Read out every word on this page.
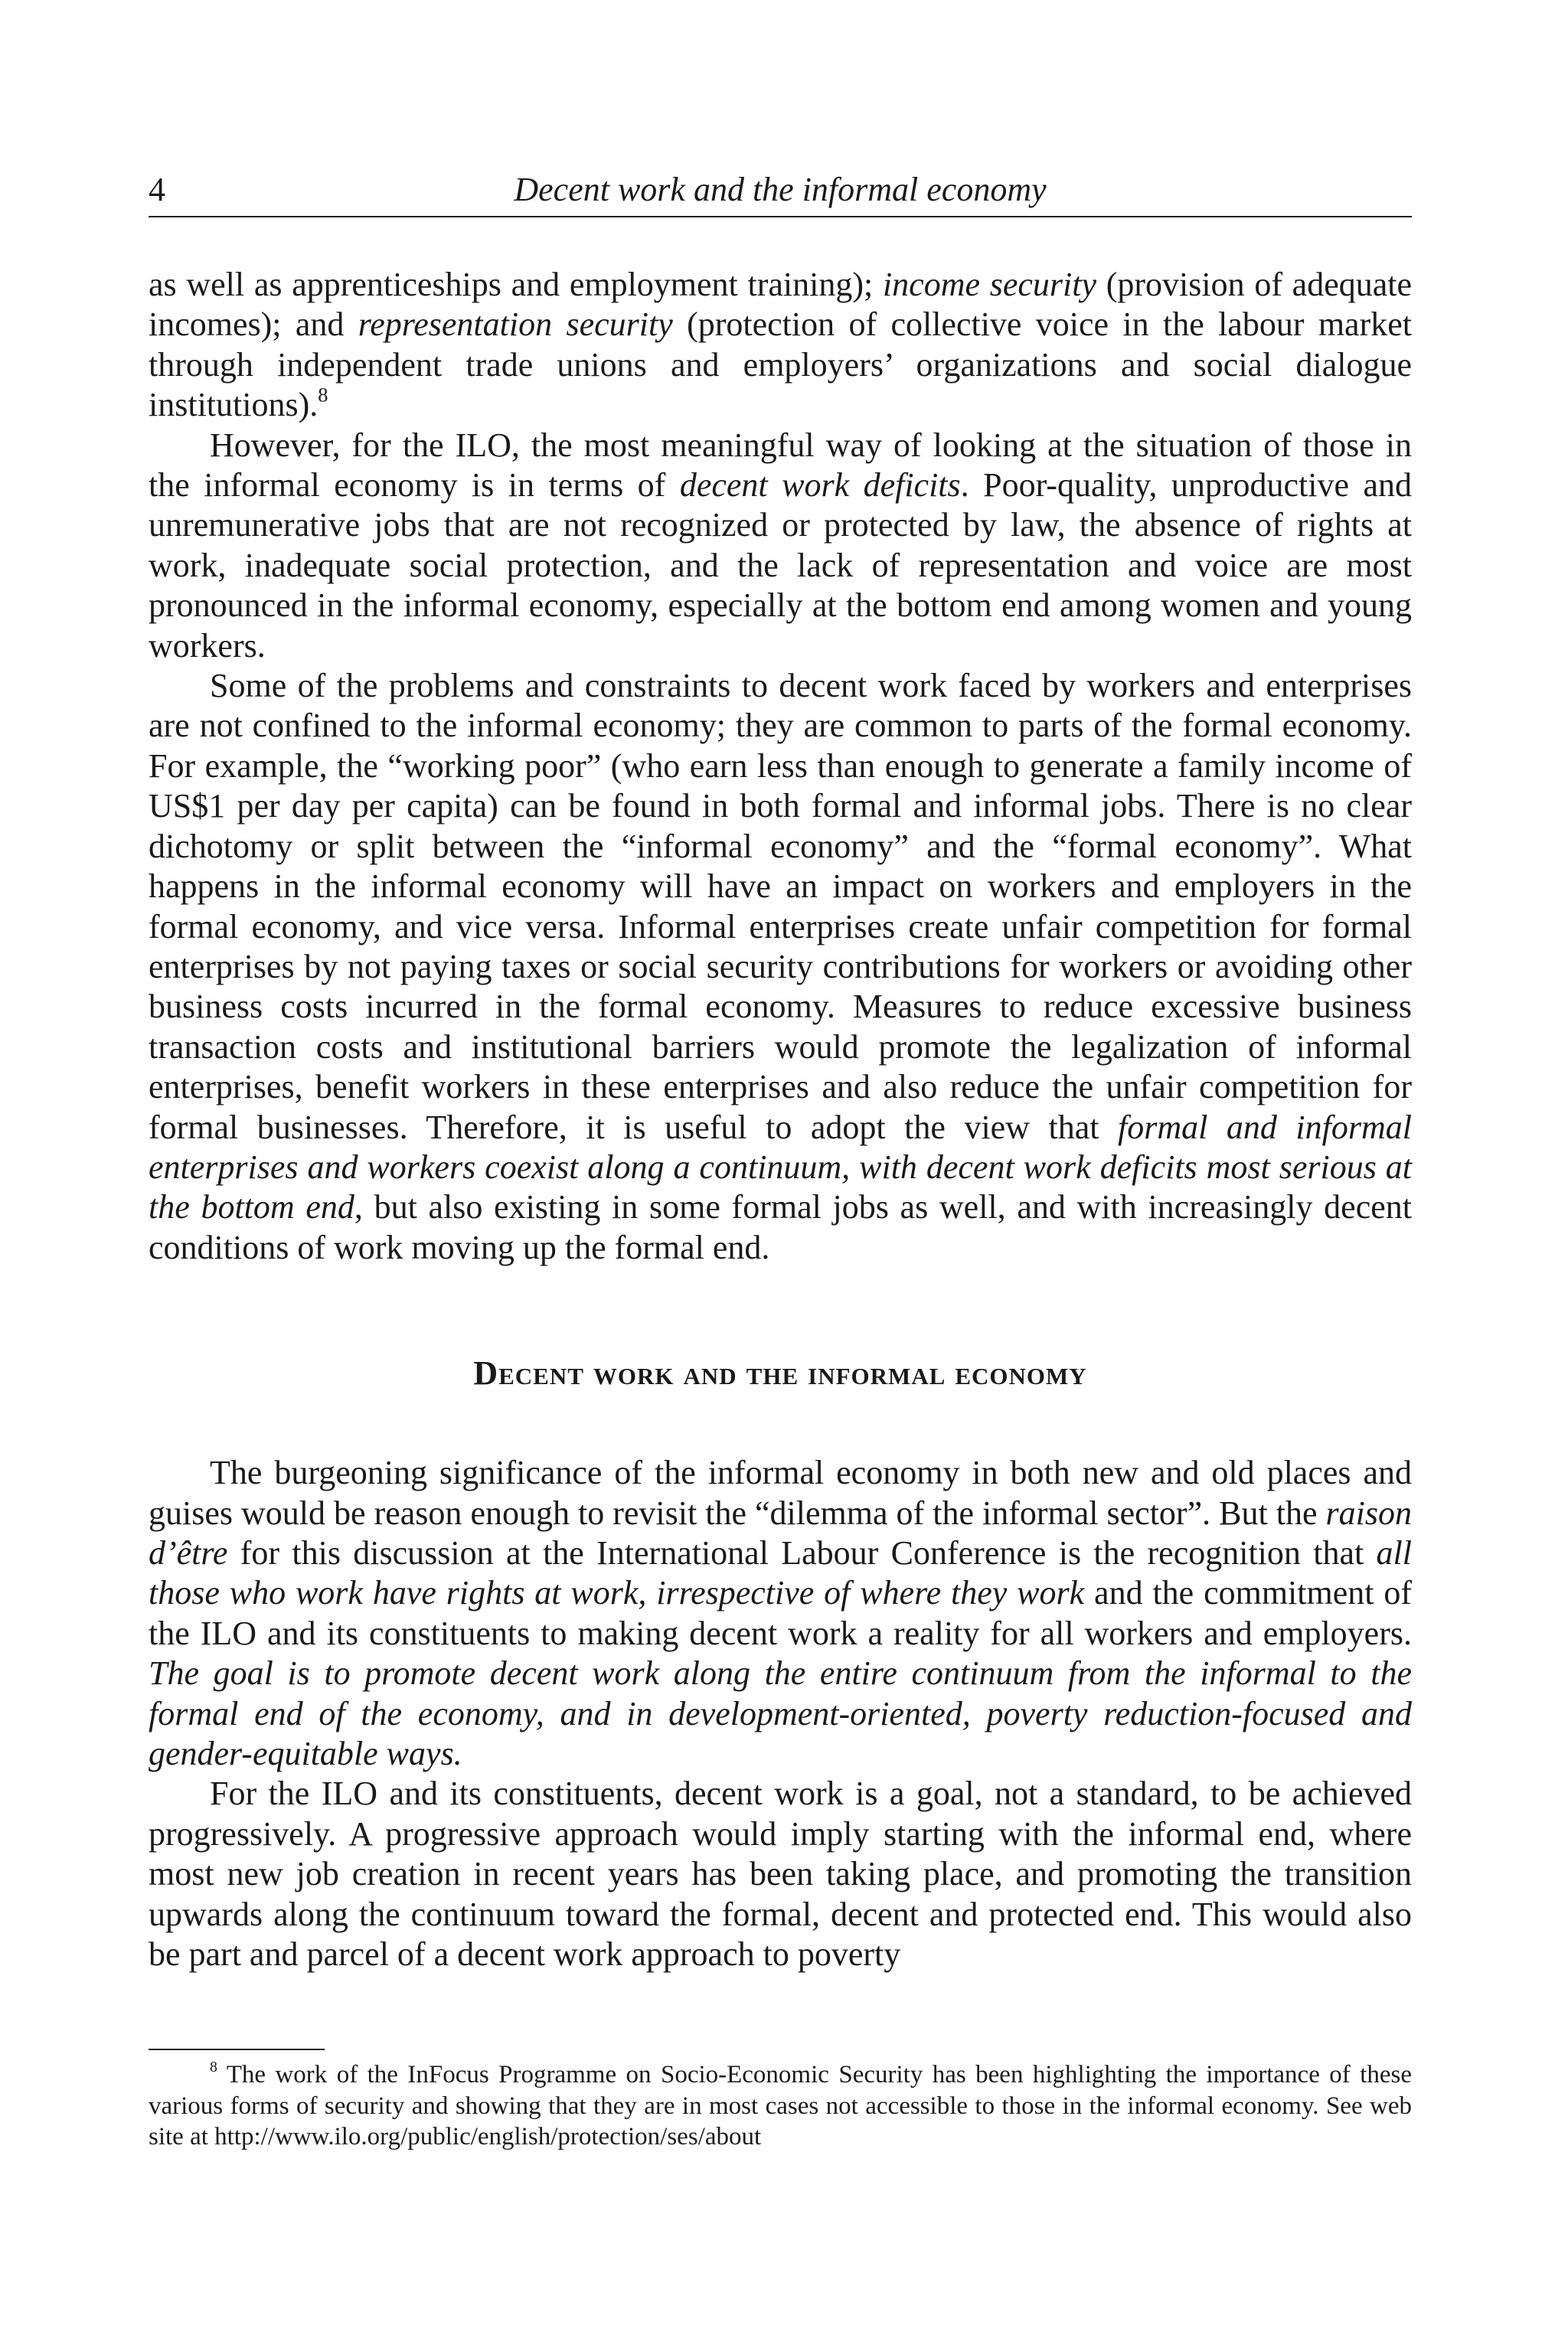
4	Decent work and the informal economy

as well as apprenticeships and employment training); income security (provision of adequate incomes); and representation security (protection of collective voice in the labour market through independent trade unions and employers’ organizations and social dialogue institutions).$^8$

However, for the ILO, the most meaningful way of looking at the situation of those in the informal economy is in terms of decent work deficits. Poor-quality, unproductive and unremunerative jobs that are not recognized or protected by law, the absence of rights at work, inadequate social protection, and the lack of representation and voice are most pronounced in the informal economy, especially at the bottom end among women and young workers.

Some of the problems and constraints to decent work faced by workers and enterprises are not confined to the informal economy; they are common to parts of the formal economy. For example, the “working poor” (who earn less than enough to generate a family income of US$1 per day per capita) can be found in both formal and informal jobs. There is no clear dichotomy or split between the “informal economy” and the “formal economy”. What happens in the informal economy will have an impact on workers and employers in the formal economy, and vice versa. Informal enterprises create unfair competition for formal enterprises by not paying taxes or social security contributions for workers or avoiding other business costs incurred in the formal economy. Measures to reduce excessive business transaction costs and institutional barriers would promote the legalization of informal enterprises, benefit workers in these enterprises and also reduce the unfair competition for formal businesses. Therefore, it is useful to adopt the view that formal and informal enterprises and workers coexist along a continuum, with decent work deficits most serious at the bottom end, but also existing in some formal jobs as well, and with increasingly decent conditions of work moving up the formal end.

Decent work and the informal economy

The burgeoning significance of the informal economy in both new and old places and guises would be reason enough to revisit the “dilemma of the informal sector”. But the raison d’être for this discussion at the International Labour Conference is the recognition that all those who work have rights at work, irrespective of where they work and the commitment of the ILO and its constituents to making decent work a reality for all workers and employers. The goal is to promote decent work along the entire continuum from the informal to the formal end of the economy, and in development-oriented, poverty reduction-focused and gender-equitable ways.

For the ILO and its constituents, decent work is a goal, not a standard, to be achieved progressively. A progressive approach would imply starting with the informal end, where most new job creation in recent years has been taking place, and promoting the transition upwards along the continuum toward the formal, decent and protected end. This would also be part and parcel of a decent work approach to poverty

$^8$ The work of the InFocus Programme on Socio-Economic Security has been highlighting the importance of these various forms of security and showing that they are in most cases not accessible to those in the informal economy. See web site at http://www.ilo.org/public/english/protection/ses/about
